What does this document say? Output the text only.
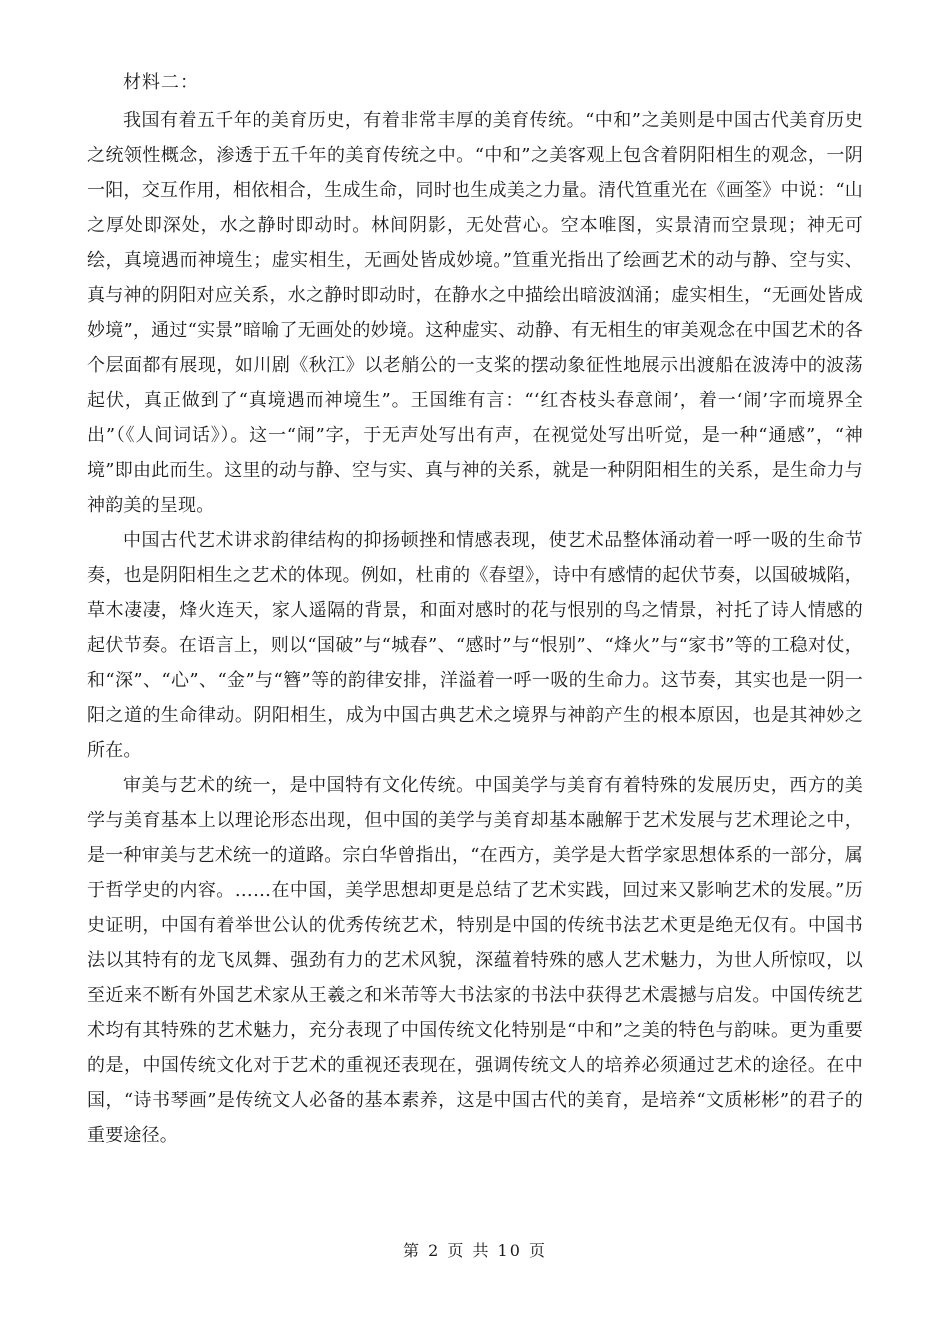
材料二：

我国有着五千年的美育历史，有着非常丰厚的美育传统。“中和”之美则是中国古代美育历史之统领性概念，渗透于五千年的美育传统之中。“中和”之美客观上包含着阴阳相生的观念，一阴一阳，交互作用，相依相合，生成生命，同时也生成美之力量。清代笪重光在《画筌》中说：“山之厚处即深处，水之静时即动时。林间阴影，无处营心。空本唯图，实景清而空景现；神无可绘，真境遇而神境生；虚实相生，无画处皆成妙境。”笪重光指出了绘画艺术的动与静、空与实、真与神的阴阳对应关系，水之静时即动时，在静水之中描绘出暗波汹涌；虚实相生，“无画处皆成妙境”，通过“实景”暗喻了无画处的妙境。这种虚实、动静、有无相生的审美观念在中国艺术的各个层面都有展现，如川剧《秋江》以老艄公的一支桨的摆动象征性地展示出渡船在波涛中的波荡起伏，真正做到了“真境遇而神境生”。王国维有言：“‘红杏枝头春意闹’，着一‘闹’字而境界全出”（《人间词话》）。这一“闹”字，于无声处写出有声，在视觉处写出听觉，是一种“通感”，“神境”即由此而生。这里的动与静、空与实、真与神的关系，就是一种阴阳相生的关系，是生命力与神韵美的呈现。

中国古代艺术讲求韵律结构的抑扬顿挫和情感表现，使艺术品整体涌动着一呼一吸的生命节奏，也是阴阳相生之艺术的体现。例如，杜甫的《春望》，诗中有感情的起伏节奏，以国破城陷，草木凄凄，烽火连天，家人遥隔的背景，和面对感时的花与恨别的鸟之情景，衬托了诗人情感的起伏节奏。在语言上，则以“国破”与“城春”、“感时”与“恨别”、“烽火”与“家书”等的工稳对仗，和“深”、“心”、“金”与“簪”等的韵律安排，洋溢着一呼一吸的生命力。这节奏，其实也是一阴一阳之道的生命律动。阴阳相生，成为中国古典艺术之境界与神韵产生的根本原因，也是其神妙之所在。

审美与艺术的统一，是中国特有文化传统。中国美学与美育有着特殊的发展历史，西方的美学与美育基本上以理论形态出现，但中国的美学与美育却基本融解于艺术发展与艺术理论之中，是一种审美与艺术统一的道路。宗白华曾指出，“在西方，美学是大哲学家思想体系的一部分，属于哲学史的内容。……在中国，美学思想却更是总结了艺术实践，回过来又影响艺术的发展。”历史证明，中国有着举世公认的优秀传统艺术，特别是中国的传统书法艺术更是绝无仅有。中国书法以其特有的龙飞凤舞、强劲有力的艺术风貌，深蕴着特殊的感人艺术魅力，为世人所惊叹，以至近来不断有外国艺术家从王羲之和米芾等大书法家的书法中获得艺术震撼与启发。中国传统艺术均有其特殊的艺术魅力，充分表现了中国传统文化特别是“中和”之美的特色与韵味。更为重要的是，中国传统文化对于艺术的重视还表现在，强调传统文人的培养必须通过艺术的途径。在中国，“诗书琴画”是传统文人必备的基本素养，这是中国古代的美育，是培养“文质彬彬”的君子的重要途径。

第 2 页 共 10 页
